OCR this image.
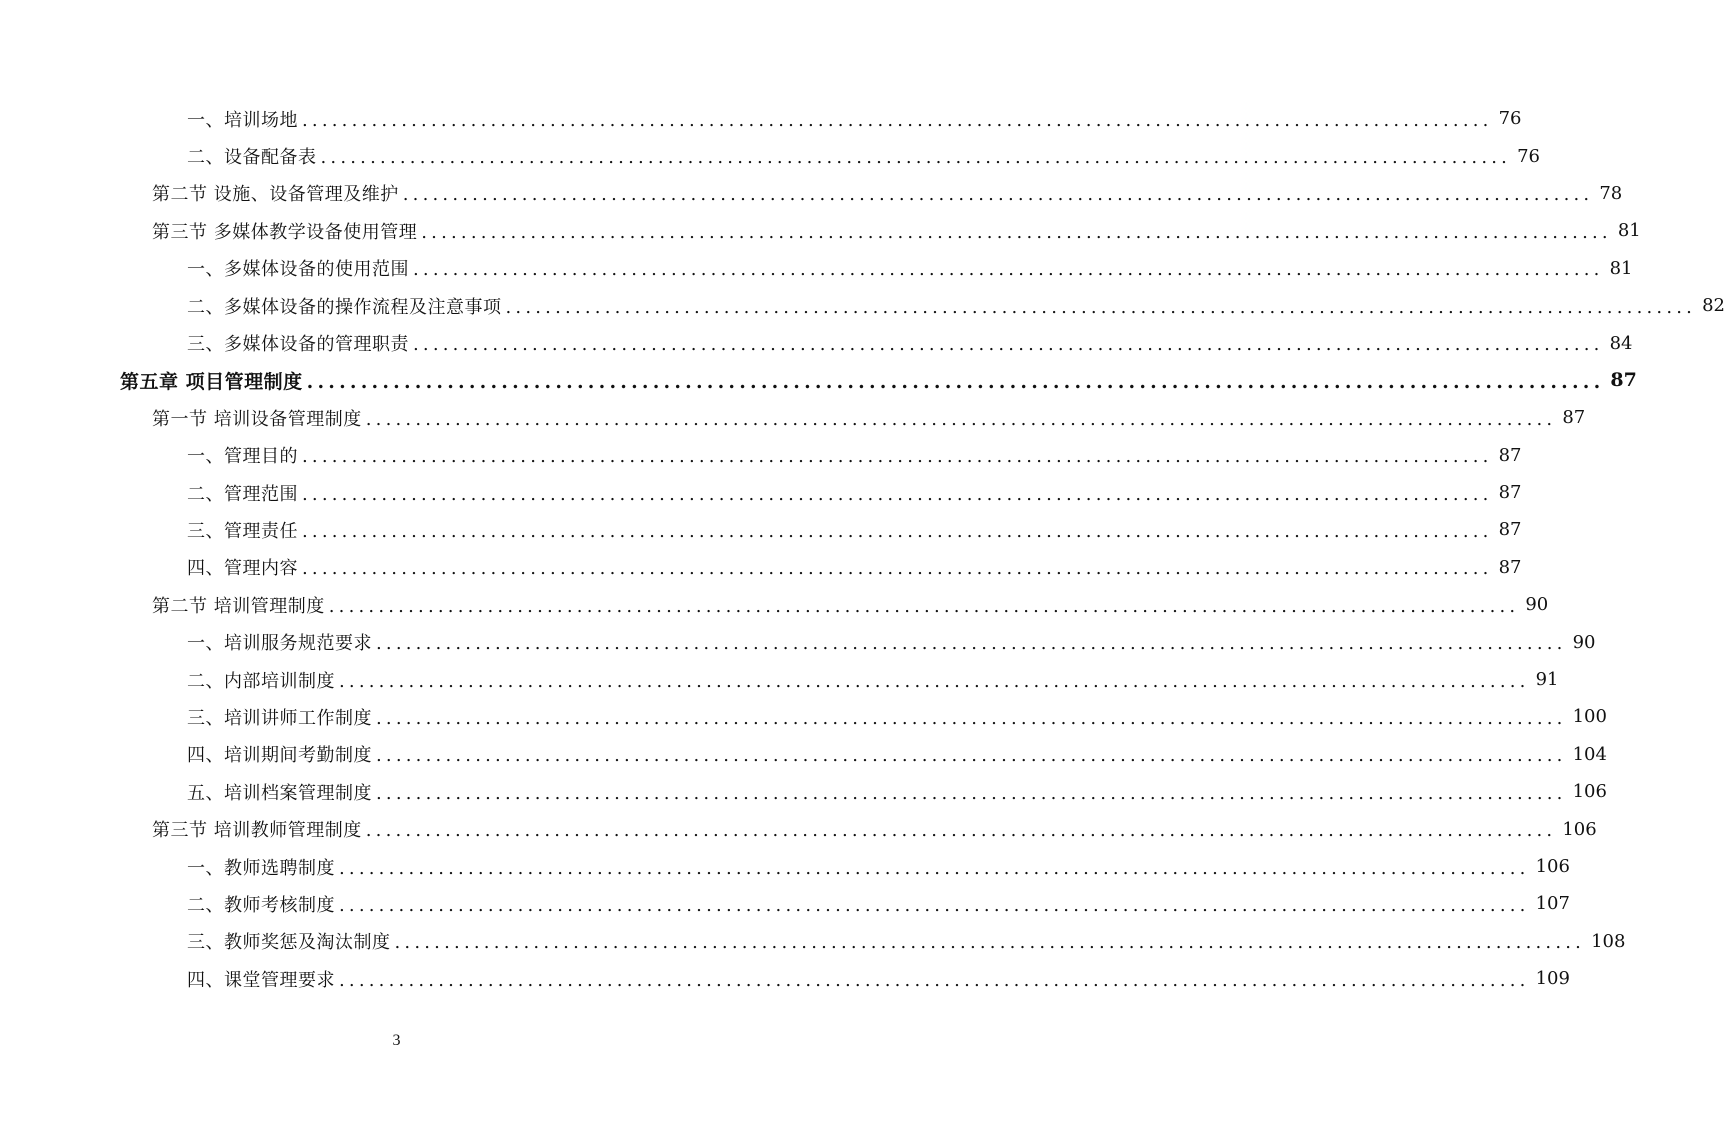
一、培训场地 ........................................................................................................................ 76
二、设备配备表 ........................................................................................................................ 76
第二节 设施、设备管理及维护 ........................................................................................................................ 78
第三节 多媒体教学设备使用管理 ........................................................................................................................ 81
一、多媒体设备的使用范围 ........................................................................................................................ 81
二、多媒体设备的操作流程及注意事项 ........................................................................................................................ 82
三、多媒体设备的管理职责 ........................................................................................................................ 84
第五章 项目管理制度 ........................................................................................................................ 87
第一节 培训设备管理制度 ........................................................................................................................ 87
一、管理目的 ........................................................................................................................ 87
二、管理范围 ........................................................................................................................ 87
三、管理责任 ........................................................................................................................ 87
四、管理内容 ........................................................................................................................ 87
第二节 培训管理制度 ........................................................................................................................ 90
一、培训服务规范要求 ........................................................................................................................ 90
二、内部培训制度 ........................................................................................................................ 91
三、培训讲师工作制度 ........................................................................................................................ 100
四、培训期间考勤制度 ........................................................................................................................ 104
五、培训档案管理制度 ........................................................................................................................ 106
第三节 培训教师管理制度 ........................................................................................................................ 106
一、教师选聘制度 ........................................................................................................................ 106
二、教师考核制度 ........................................................................................................................ 107
三、教师奖惩及淘汰制度 ........................................................................................................................ 108
四、课堂管理要求 ........................................................................................................................ 109
3
